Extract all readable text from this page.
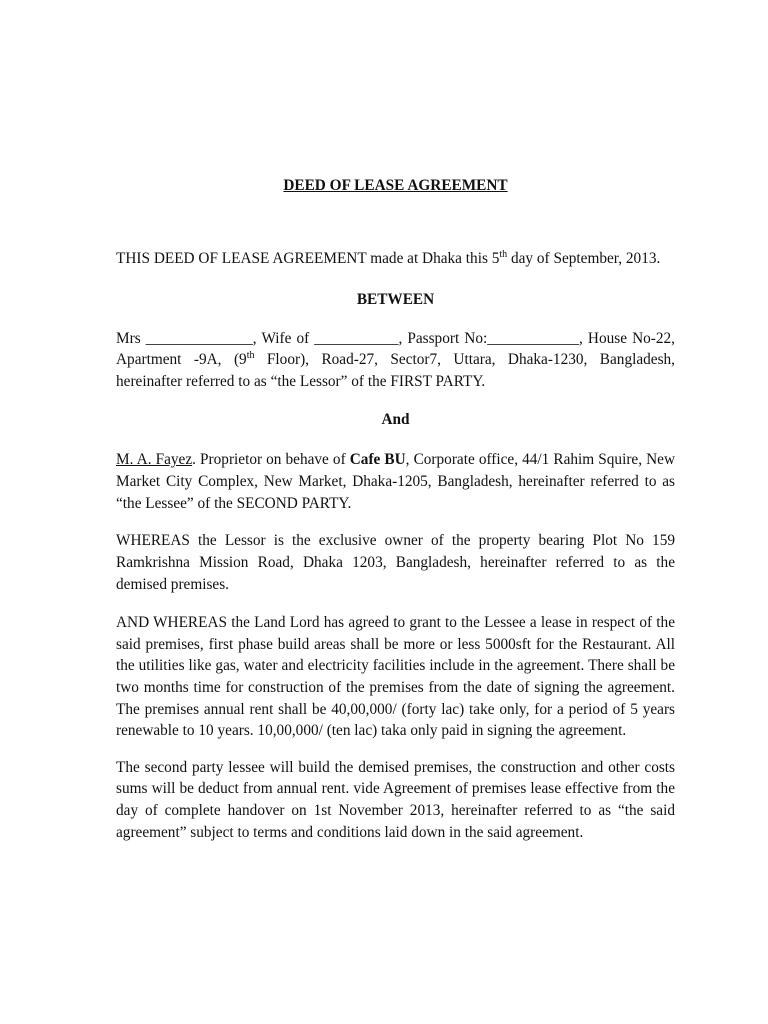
DEED OF LEASE AGREEMENT

THIS DEED OF LEASE AGREEMENT made at Dhaka this 5th day of September, 2013.

BETWEEN

Mrs ______________, Wife of ___________, Passport No:____________, House No-22, Apartment -9A, (9th Floor), Road-27, Sector7, Uttara, Dhaka-1230, Bangladesh, hereinafter referred to as “the Lessor” of the FIRST PARTY.

And

M. A. Fayez. Proprietor on behave of Cafe BU, Corporate office, 44/1 Rahim Squire, New Market City Complex, New Market, Dhaka-1205, Bangladesh, hereinafter referred to as “the Lessee” of the SECOND PARTY.

WHEREAS the Lessor is the exclusive owner of the property bearing Plot No 159 Ramkrishna Mission Road, Dhaka 1203, Bangladesh, hereinafter referred to as the demised premises.

AND WHEREAS the Land Lord has agreed to grant to the Lessee a lease in respect of the said premises, first phase build areas shall be more or less 5000sft for the Restaurant. All the utilities like gas, water and electricity facilities include in the agreement. There shall be two months time for construction of the premises from the date of signing the agreement. The premises annual rent shall be 40,00,000/ (forty lac) take only, for a period of 5 years renewable to 10 years. 10,00,000/ (ten lac) taka only paid in signing the agreement.

The second party lessee will build the demised premises, the construction and other costs sums will be deduct from annual rent. vide Agreement of premises lease effective from the day of complete handover on 1st November 2013, hereinafter referred to as “the said agreement” subject to terms and conditions laid down in the said agreement.
